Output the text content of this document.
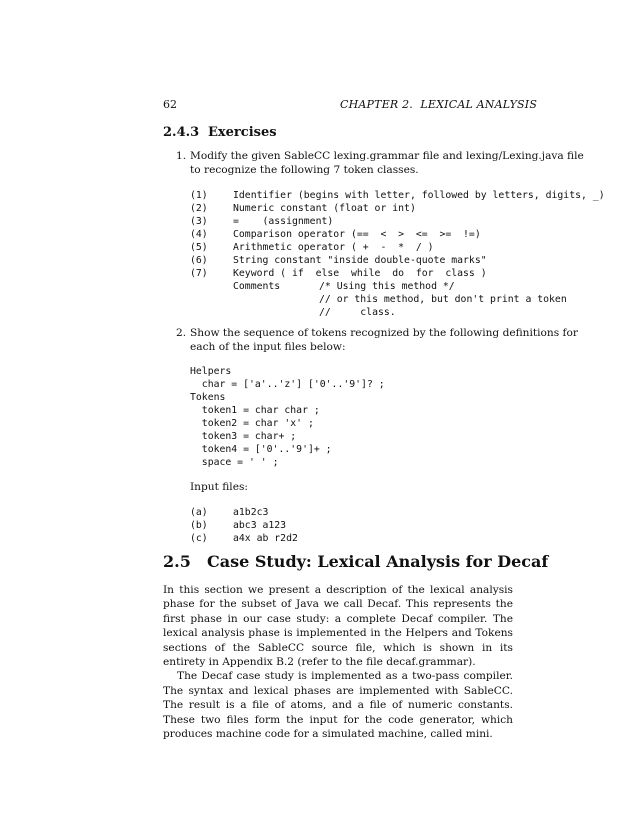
62	CHAPTER 2.  LEXICAL ANALYSIS
2.4.3 Exercises
1. Modify the given SableCC lexing.grammar file and lexing/Lexing.java file
to recognize the following 7 token classes.
(1)	Identifier (begins with letter, followed by letters, digits, _)
(2)	Numeric constant (float or int)
(3)	=    (assignment)
(4)	Comparison operator (==  <  >  <=  >=  !=)
(5)	Arithmetic operator ( +  -  *  / )
(6)	String constant "inside double-quote marks"
(7)	Keyword ( if  else  while  do  for  class )
Comments	/* Using this method */
// or this method, but don't print a token
//     class.
2. Show the sequence of tokens recognized by the following definitions for
each of the input files below:
Helpers
char = ['a'..'z'] ['0'..'9']? ;
Tokens
token1 = char char ;
token2 = char 'x' ;
token3 = char+ ;
token4 = ['0'..'9']+ ;
space = ' ' ;
Input files:
(a)	a1b2c3
(b)	abc3 a123
(c)	a4x ab r2d2
2.5 Case Study: Lexical Analysis for Decaf

In this section we present a description of the lexical analysis phase for the subset of Java we call Decaf. This represents the first phase in our case study: a complete Decaf compiler. The lexical analysis phase is implemented in the Helpers and Tokens sections of the SableCC source file, which is shown in its entirety in Appendix B.2 (refer to the file decaf.grammar).

The Decaf case study is implemented as a two-pass compiler. The syntax and lexical phases are implemented with SableCC. The result is a file of atoms, and a file of numeric constants. These two files form the input for the code generator, which produces machine code for a simulated machine, called mini.
